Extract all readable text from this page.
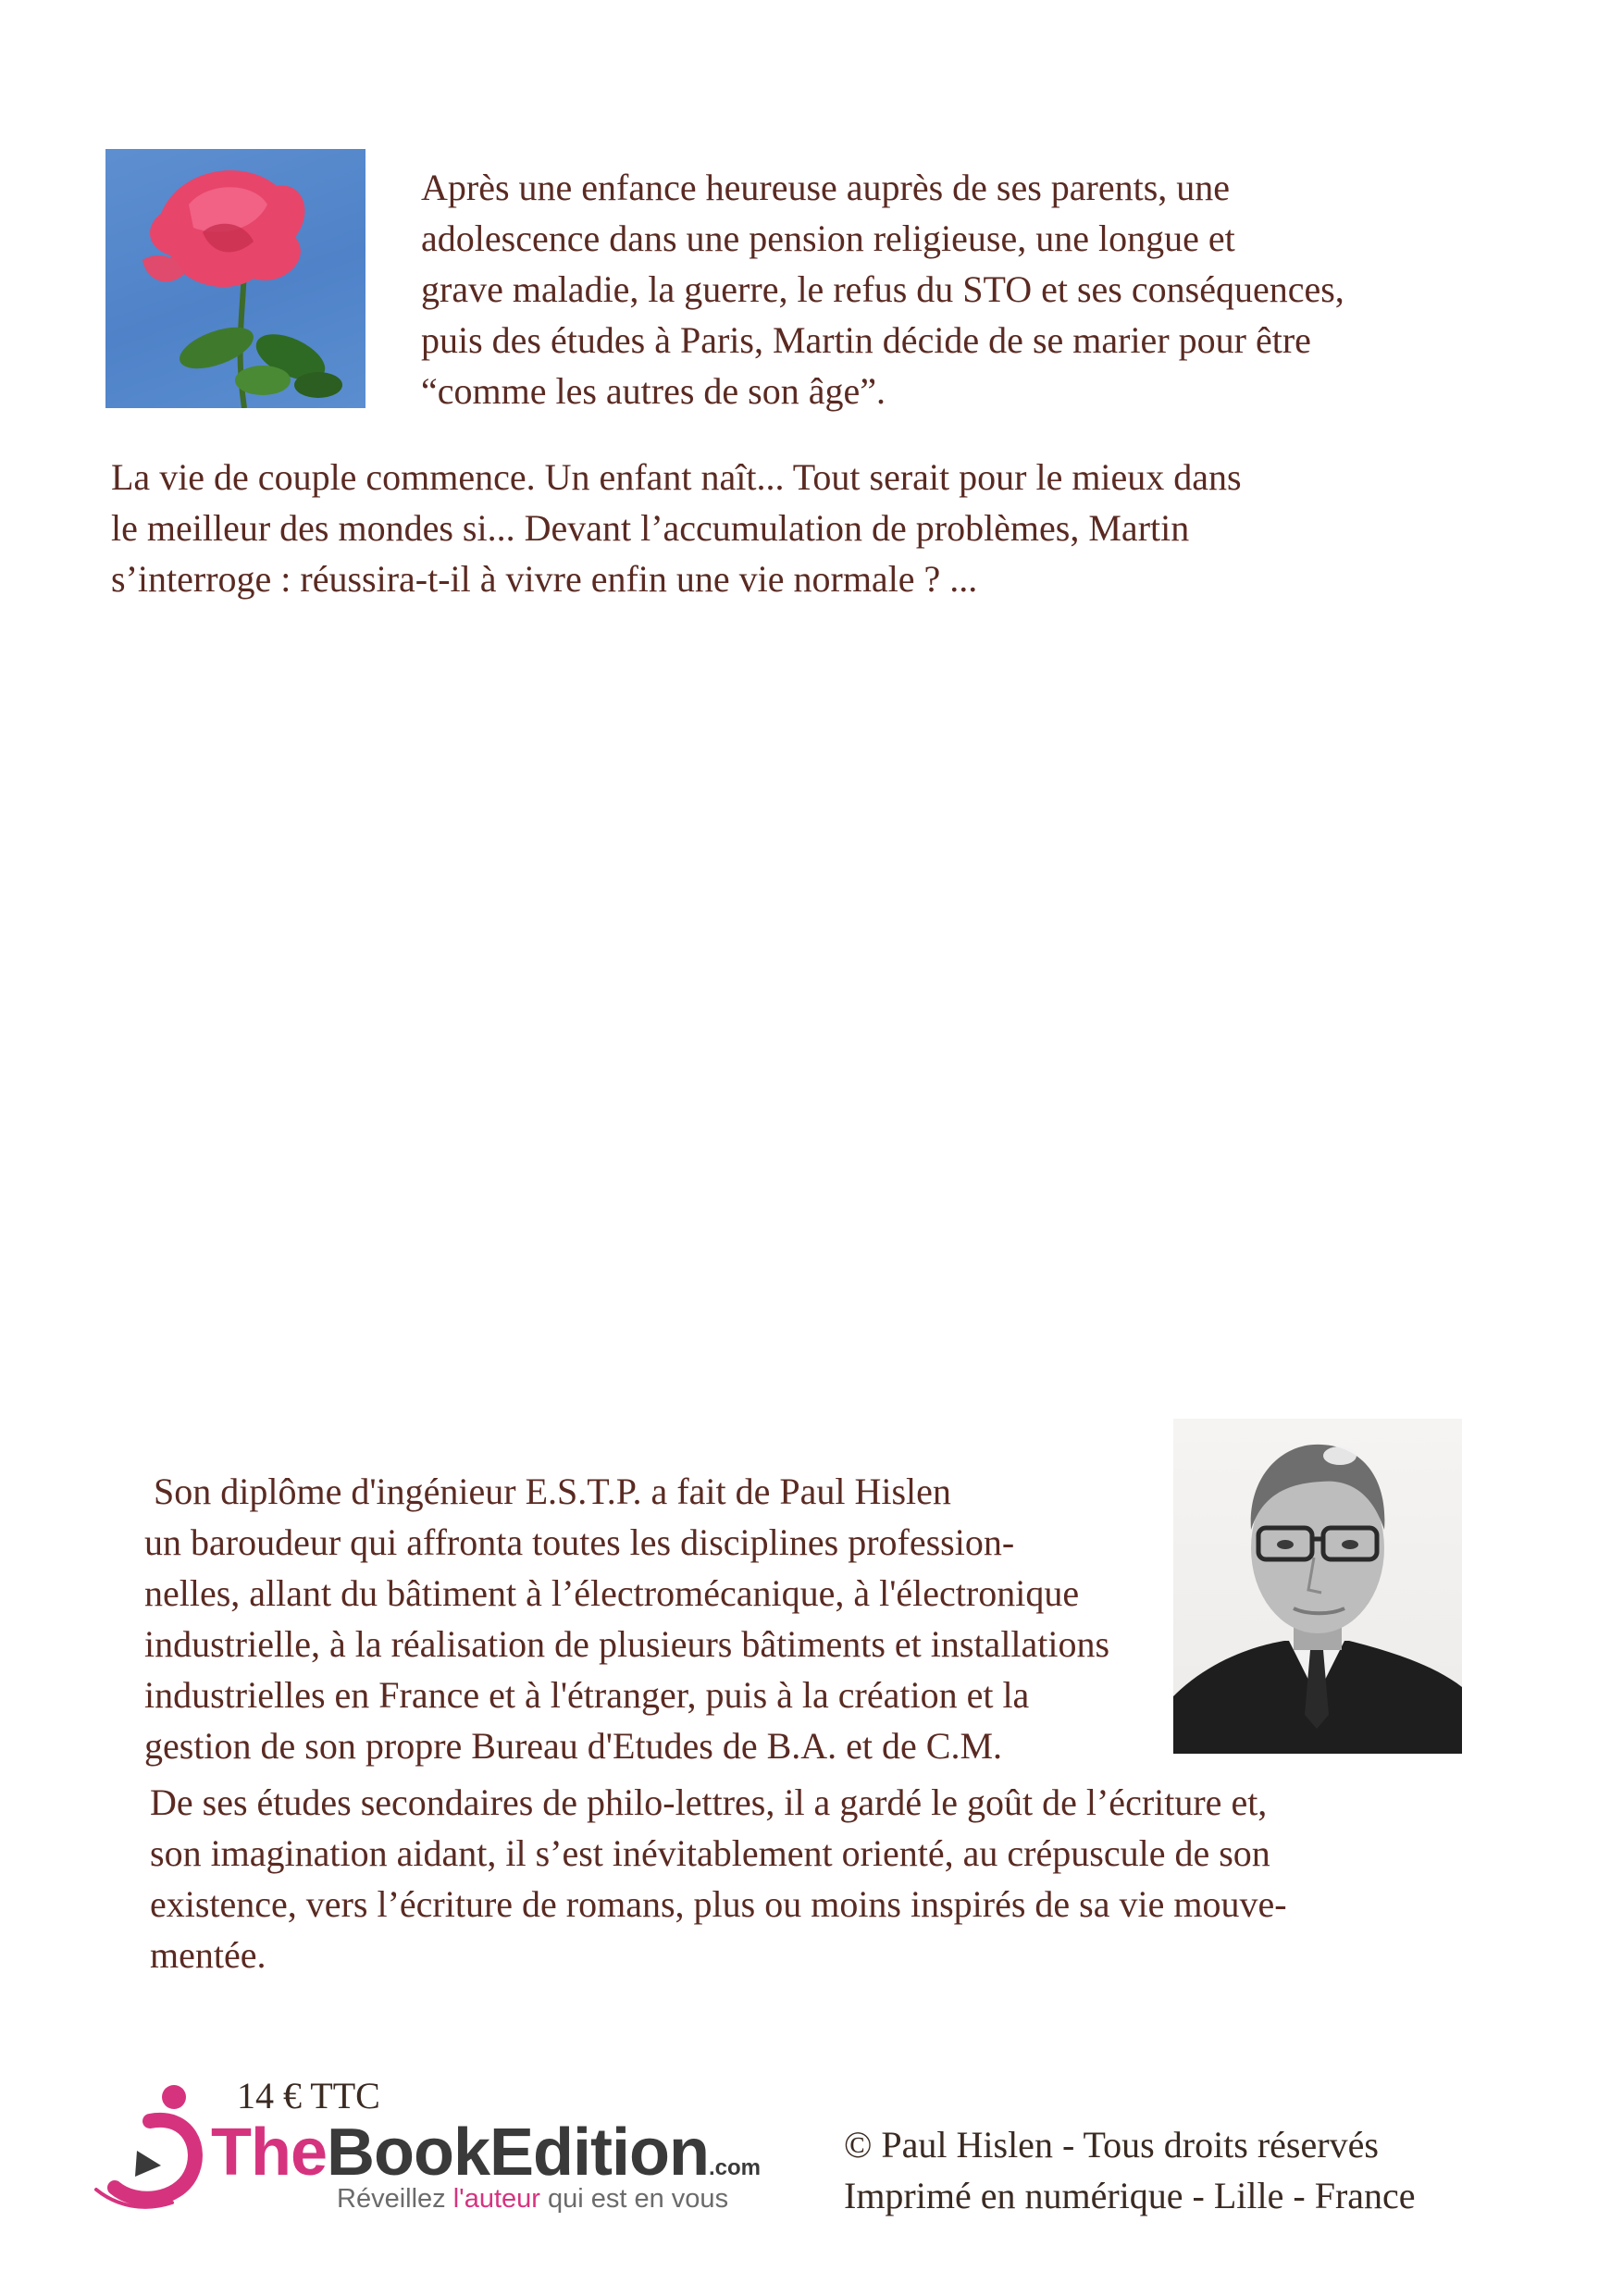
Après une enfance heureuse auprès de ses parents, une

adolescence dans une pension religieuse, une longue et

grave maladie, la guerre, le refus du STO et ses conséquences,

puis des études à Paris, Martin décide de se marier pour être

“comme les autres de son âge”.

La vie de couple commence. Un enfant naît... Tout serait pour le mieux dans

le meilleur des mondes si... Devant l’accumulation de problèmes, Martin

s’interroge : réussira-t-il à vivre enfin une vie normale ? ...

Son diplôme d'ingénieur E.S.T.P. a fait de Paul Hislen

un baroudeur qui affronta toutes les disciplines profession-

nelles, allant du bâtiment à l’électromécanique, à l'électronique

industrielle, à la réalisation de plusieurs bâtiments et installations

industrielles en France et à l'étranger, puis à la création et la

gestion de son propre Bureau d'Etudes de B.A. et de C.M.

De ses études secondaires de philo-lettres, il a gardé le goût de l’écriture et,

son imagination aidant, il s’est inévitablement orienté, au crépuscule de son

existence, vers l’écriture de romans, plus ou moins inspirés de sa vie mouve-

mentée.

14 € TTC
TheBookEdition.com
Réveillez l'auteur qui est en vous

© Paul Hislen - Tous droits réservés

Imprimé en numérique - Lille - France
